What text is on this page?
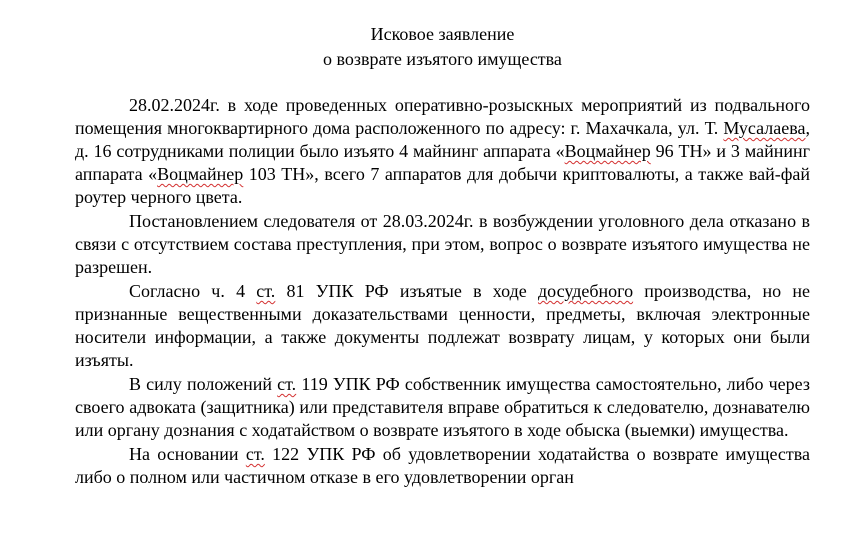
Исковое заявление

о возврате изъятого имущества

28.02.2024г. в ходе проведенных оперативно-розыскных мероприятий из подвального помещения многоквартирного дома расположенного по адресу: г. Махачкала, ул. Т. Мусалаева, д. 16 сотрудниками полиции было изъято 4 майнинг аппарата «Воцмайнер 96 TH» и 3 майнинг аппарата «Воцмайнер 103 TH», всего 7 аппаратов для добычи криптовалюты, а также вай-фай роутер черного цвета.

Постановлением следователя от 28.03.2024г. в возбуждении уголовного дела отказано в связи с отсутствием состава преступления, при этом, вопрос о возврате изъятого имущества не разрешен.

Согласно ч. 4 ст. 81 УПК РФ изъятые в ходе досудебного производства, но не признанные вещественными доказательствами ценности, предметы, включая электронные носители информации, а также документы подлежат возврату лицам, у которых они были изъяты.

В силу положений ст. 119 УПК РФ собственник имущества самостоятельно, либо через своего адвоката (защитника) или представителя вправе обратиться к следователю, дознавателю или органу дознания с ходатайством о возврате изъятого в ходе обыска (выемки) имущества.

На основании ст. 122 УПК РФ об удовлетворении ходатайства о возврате имущества либо о полном или частичном отказе в его удовлетворении орган
